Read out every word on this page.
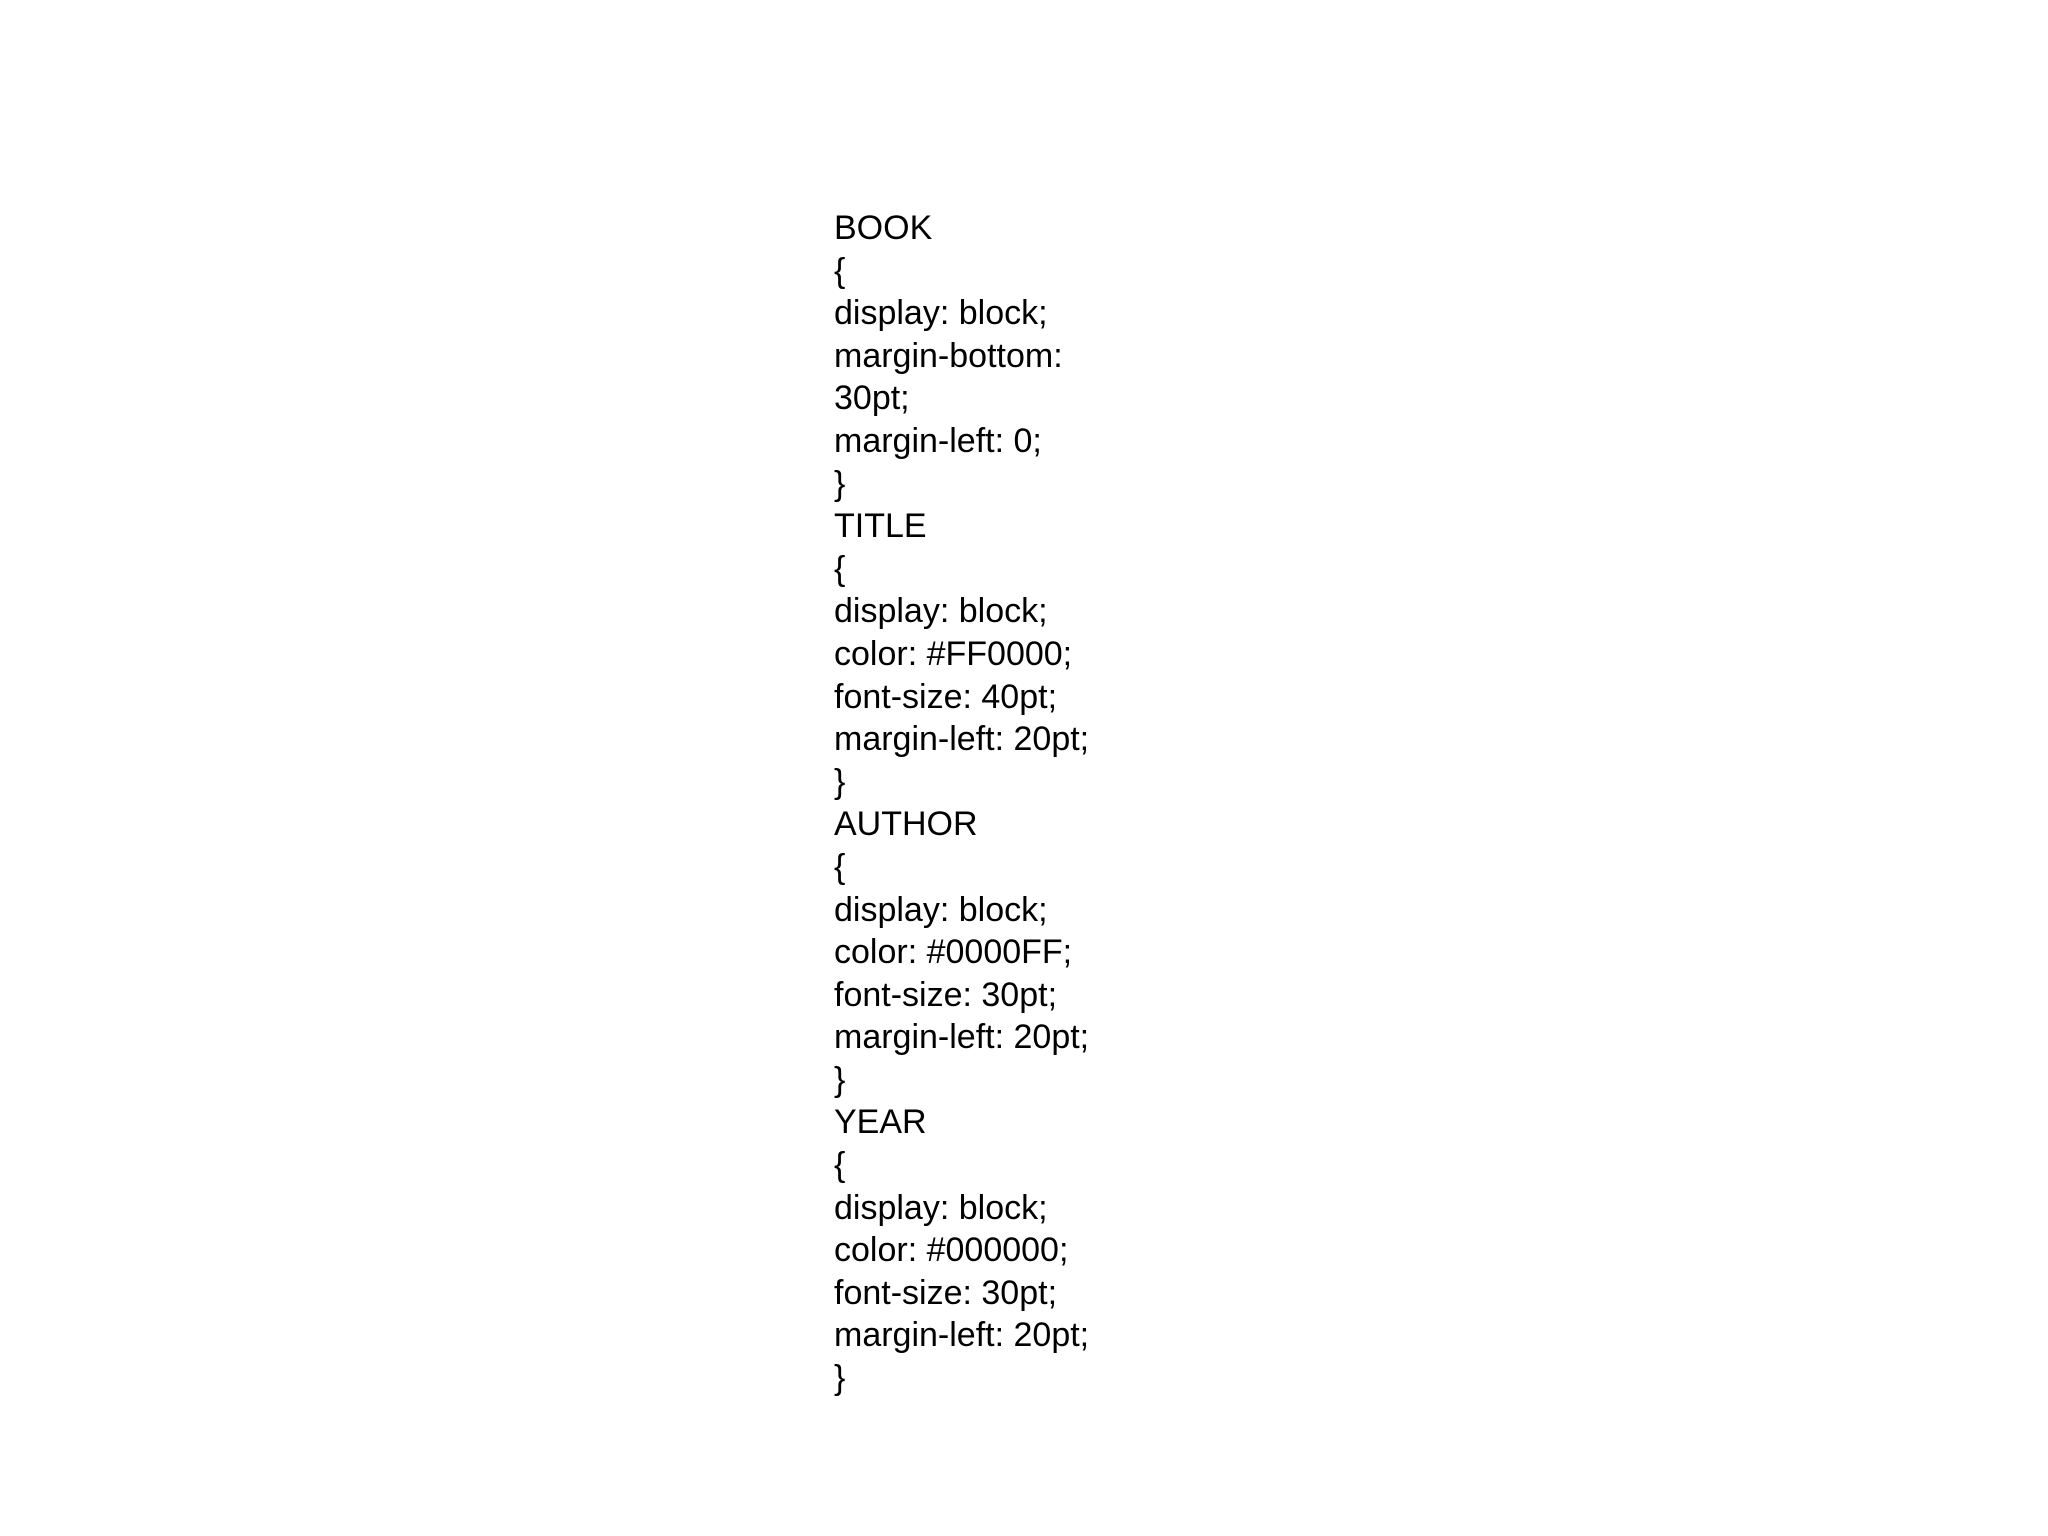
BOOK
{
display: block;
margin-bottom:
30pt;
margin-left: 0;
}
TITLE
{
display: block;
color: #FF0000;
font-size: 40pt;
margin-left: 20pt;
}
AUTHOR
{
display: block;
color: #0000FF;
font-size: 30pt;
margin-left: 20pt;
}
YEAR
{
display: block;
color: #000000;
font-size: 30pt;
margin-left: 20pt;
}
